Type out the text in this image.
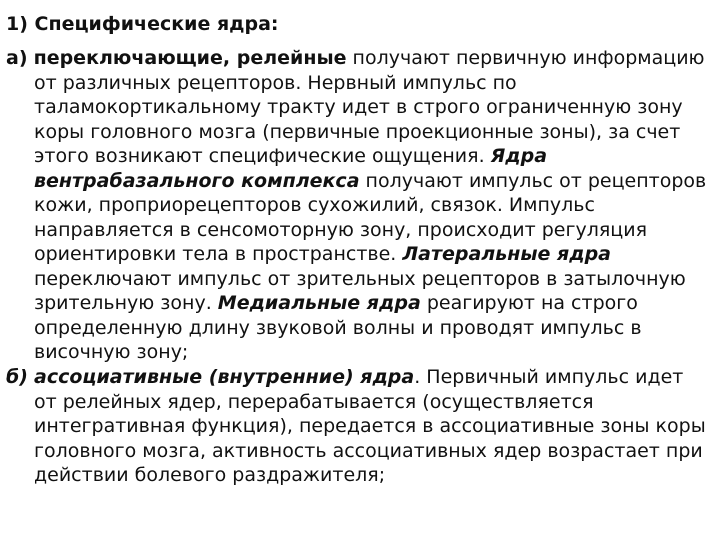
1) Специфические ядра:
а) переключающие, релейные получают первичную информацию
от различных рецепторов. Нервный импульс по
таламокортикальному тракту идет в строго ограниченную зону
коры головного мозга (первичные проекционные зоны), за счет
этого возникают специфические ощущения. Ядра
вентрабазального комплекса получают импульс от рецепторов
кожи, проприорецепторов сухожилий, связок. Импульс
направляется в сенсомоторную зону, происходит регуляция
ориентировки тела в пространстве. Латеральные ядра
переключают импульс от зрительных рецепторов в затылочную
зрительную зону. Медиальные ядра реагируют на строго
определенную длину звуковой волны и проводят импульс в
височную зону;
б) ассоциативные (внутренние) ядра. Первичный импульс идет
от релейных ядер, перерабатывается (осуществляется
интегративная функция), передается в ассоциативные зоны коры
головного мозга, активность ассоциативных ядер возрастает при
действии болевого раздражителя;
